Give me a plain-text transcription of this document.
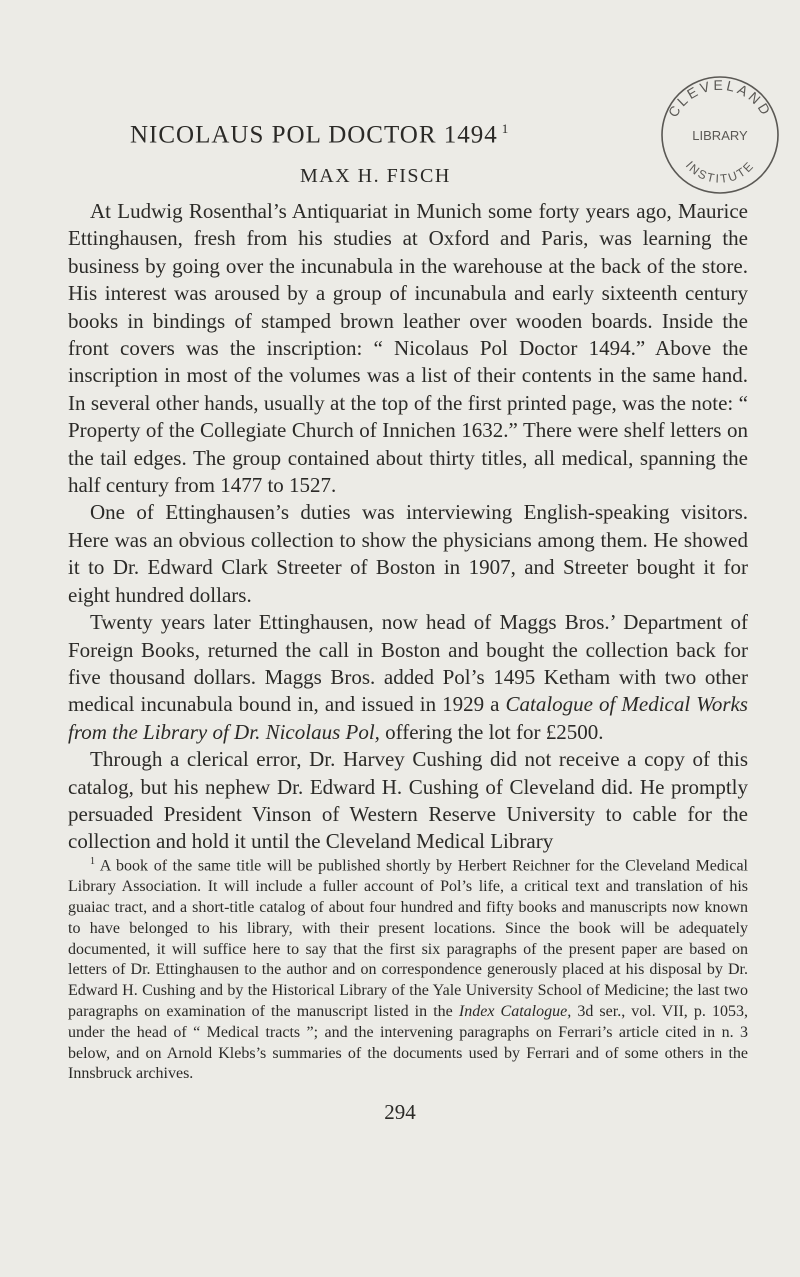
NICOLAUS POL DOCTOR 1494 $^1$
MAX H. FISCH
CLEVELAND
LIBRARY
INSTITUTE

At Ludwig Rosenthal’s Antiquariat in Munich some forty years ago, Maurice Ettinghausen, fresh from his studies at Oxford and Paris, was learning the business by going over the incunabula in the warehouse at the back of the store. His interest was aroused by a group of incunabula and early sixteenth century books in bindings of stamped brown leather over wooden boards. Inside the front covers was the inscription: “ Nicolaus Pol Doctor 1494.” Above the inscription in most of the volumes was a list of their contents in the same hand. In several other hands, usually at the top of the first printed page, was the note: “ Property of the Collegiate Church of Innichen 1632.” There were shelf letters on the tail edges. The group contained about thirty titles, all medical, spanning the half century from 1477 to 1527.

One of Ettinghausen’s duties was interviewing English-speaking visitors. Here was an obvious collection to show the physicians among them. He showed it to Dr. Edward Clark Streeter of Boston in 1907, and Streeter bought it for eight hundred dollars.

Twenty years later Ettinghausen, now head of Maggs Bros.’ Department of Foreign Books, returned the call in Boston and bought the collection back for five thousand dollars. Maggs Bros. added Pol’s 1495 Ketham with two other medical incunabula bound in, and issued in 1929 a Catalogue of Medical Works from the Library of Dr. Nicolaus Pol, offering the lot for £2500.

Through a clerical error, Dr. Harvey Cushing did not receive a copy of this catalog, but his nephew Dr. Edward H. Cushing of Cleveland did. He promptly persuaded President Vinson of Western Reserve University to cable for the collection and hold it until the Cleveland Medical Library

$^1$ A book of the same title will be published shortly by Herbert Reichner for the Cleveland Medical Library Association. It will include a fuller account of Pol’s life, a critical text and translation of his guaiac tract, and a short-title catalog of about four hundred and fifty books and manuscripts now known to have belonged to his library, with their present locations. Since the book will be adequately documented, it will suffice here to say that the first six paragraphs of the present paper are based on letters of Dr. Ettinghausen to the author and on correspondence generously placed at his disposal by Dr. Edward H. Cushing and by the Historical Library of the Yale University School of Medicine; the last two paragraphs on examination of the manuscript listed in the Index Catalogue, 3d ser., vol. VII, p. 1053, under the head of “ Medical tracts ”; and the intervening paragraphs on Ferrari’s article cited in n. 3 below, and on Arnold Klebs’s summaries of the documents used by Ferrari and of some others in the Innsbruck archives.

294
